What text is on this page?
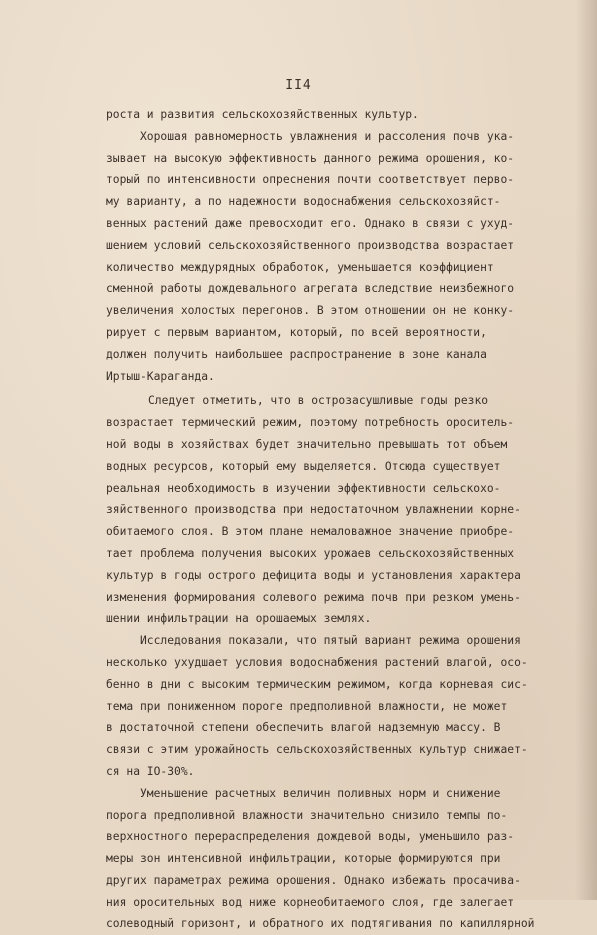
II4
роста и развития сельскохозяйственных культур.
Хорошая равномерность увлажнения и рассоления почв ука-
зывает на высокую эффективность данного режима орошения, ко-
торый по интенсивности опреснения почти соответствует перво-
му варианту, а по надежности водоснабжения сельскохозяйст-
венных растений даже превосходит его. Однако в связи с ухуд-
шением условий сельскохозяйственного производства возрастает
количество междурядных обработок, уменьшается коэффициент
сменной работы дождевального агрегата вследствие неизбежного
увеличения холостых перегонов. В этом отношении он не конку-
рирует с первым вариантом, который, по всей вероятности,
должен получить наибольшее распространение в зоне канала
Иртыш-Караганда.
Следует отметить, что в острозасушливые годы резко
возрастает термический режим, поэтому потребность ороситель-
ной воды в хозяйствах будет значительно превышать тот объем
водных ресурсов, который ему выделяется. Отсюда существует
реальная необходимость в изучении эффективности сельскохо-
зяйственного производства при недостаточном увлажнении корне-
обитаемого слоя. В этом плане немаловажное значение приобре-
тает проблема получения высоких урожаев сельскохозяйственных
культур в годы острого дефицита воды и установления характера
изменения формирования солевого режима почв при резком умень-
шении инфильтрации на орошаемых землях.
Исследования показали, что пятый вариант режима орошения
несколько ухудшает условия водоснабжения растений влагой, осо-
бенно в дни с высоким термическим режимом, когда корневая сис-
тема при пониженном пороге предполивной влажности, не может
в достаточной степени обеспечить влагой надземную массу. В
связи с этим урожайность сельскохозяйственных культур снижает-
ся на IO-30%.
Уменьшение расчетных величин поливных норм и снижение
порога предполивной влажности значительно снизило темпы по-
верхностного перераспределения дождевой воды, уменьшило раз-
меры зон интенсивной инфильтрации, которые формируются при
других параметрах режима орошения. Однако избежать просачива-
ния оросительных вод ниже корнеобитаемого слоя, где залегает
солеводный горизонт, и обратного их подтягивания по капиллярной
